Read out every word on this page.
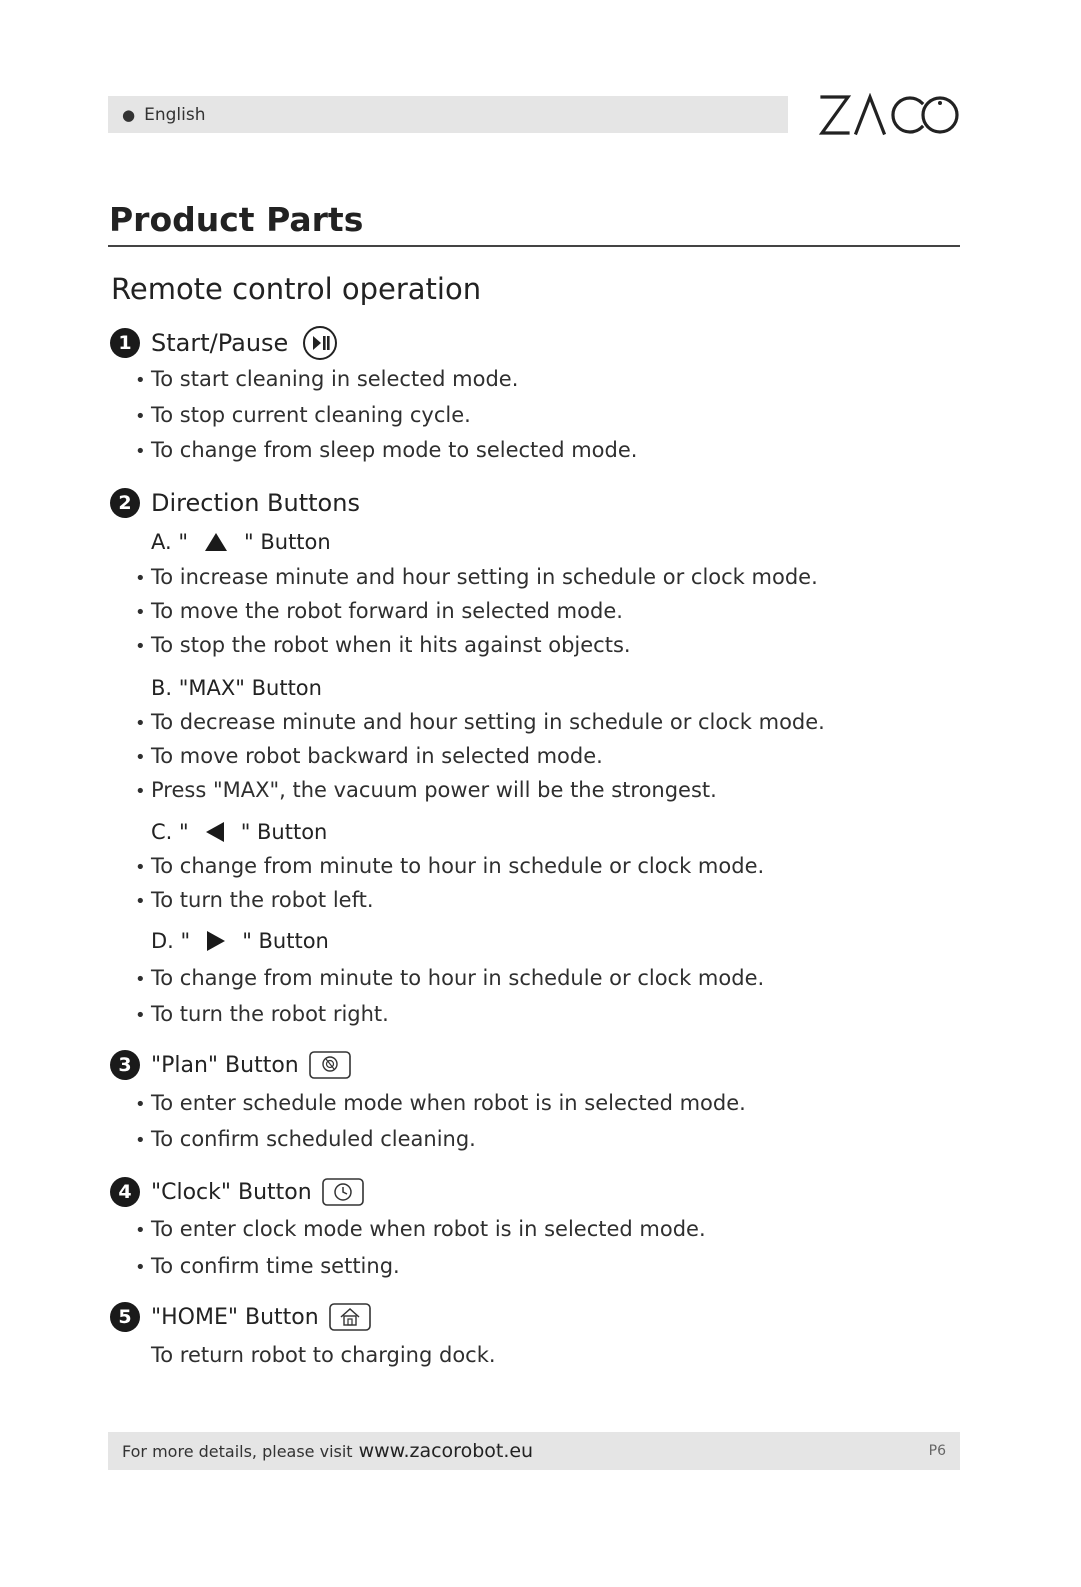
● English
Product Parts
Remote control operation
1 Start/Pause
• To start cleaning in selected mode.
• To stop current cleaning cycle.
• To change from sleep mode to selected mode.
2 Direction Buttons
A. "	" Button
• To increase minute and hour setting in schedule or clock mode.
• To move the robot forward in selected mode.
• To stop the robot when it hits against objects.
B. "MAX" Button
• To decrease minute and hour setting in schedule or clock mode.
• To move robot backward in selected mode.
• Press "MAX", the vacuum power will be the strongest.
C. " " Button
• To change from minute to hour in schedule or clock mode.
• To turn the robot left.
D. " " Button
• To change from minute to hour in schedule or clock mode.
• To turn the robot right.
3 "Plan" Button
• To enter schedule mode when robot is in selected mode.
• To confirm scheduled cleaning.
4 "Clock" Button
• To enter clock mode when robot is in selected mode.
• To confirm time setting.
5 "HOME" Button
To return robot to charging dock.
For more details, please visit www.zacorobot.eu	P6
